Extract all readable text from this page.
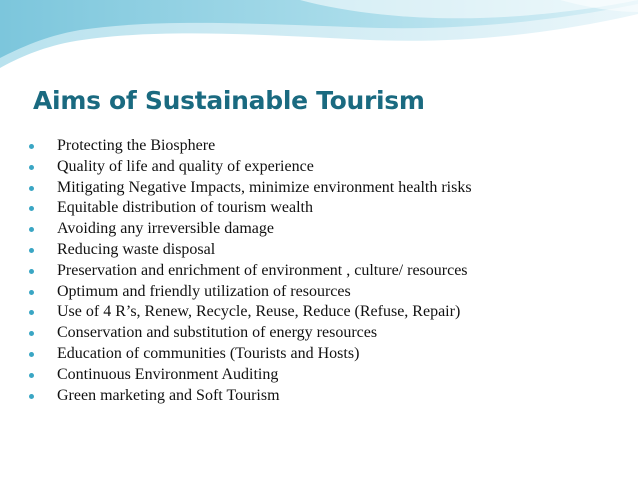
Aims of Sustainable Tourism
Protecting the Biosphere
Quality of life and quality of experience
Mitigating Negative Impacts, minimize environment health risks
Equitable distribution of tourism wealth
Avoiding any irreversible damage
Reducing waste disposal
Preservation and enrichment of environment , culture/ resources
Optimum and friendly utilization of resources
Use of 4 R’s, Renew, Recycle, Reuse, Reduce (Refuse, Repair)
Conservation and substitution of energy resources
Education of communities (Tourists and Hosts)
Continuous Environment Auditing
Green marketing and Soft Tourism
